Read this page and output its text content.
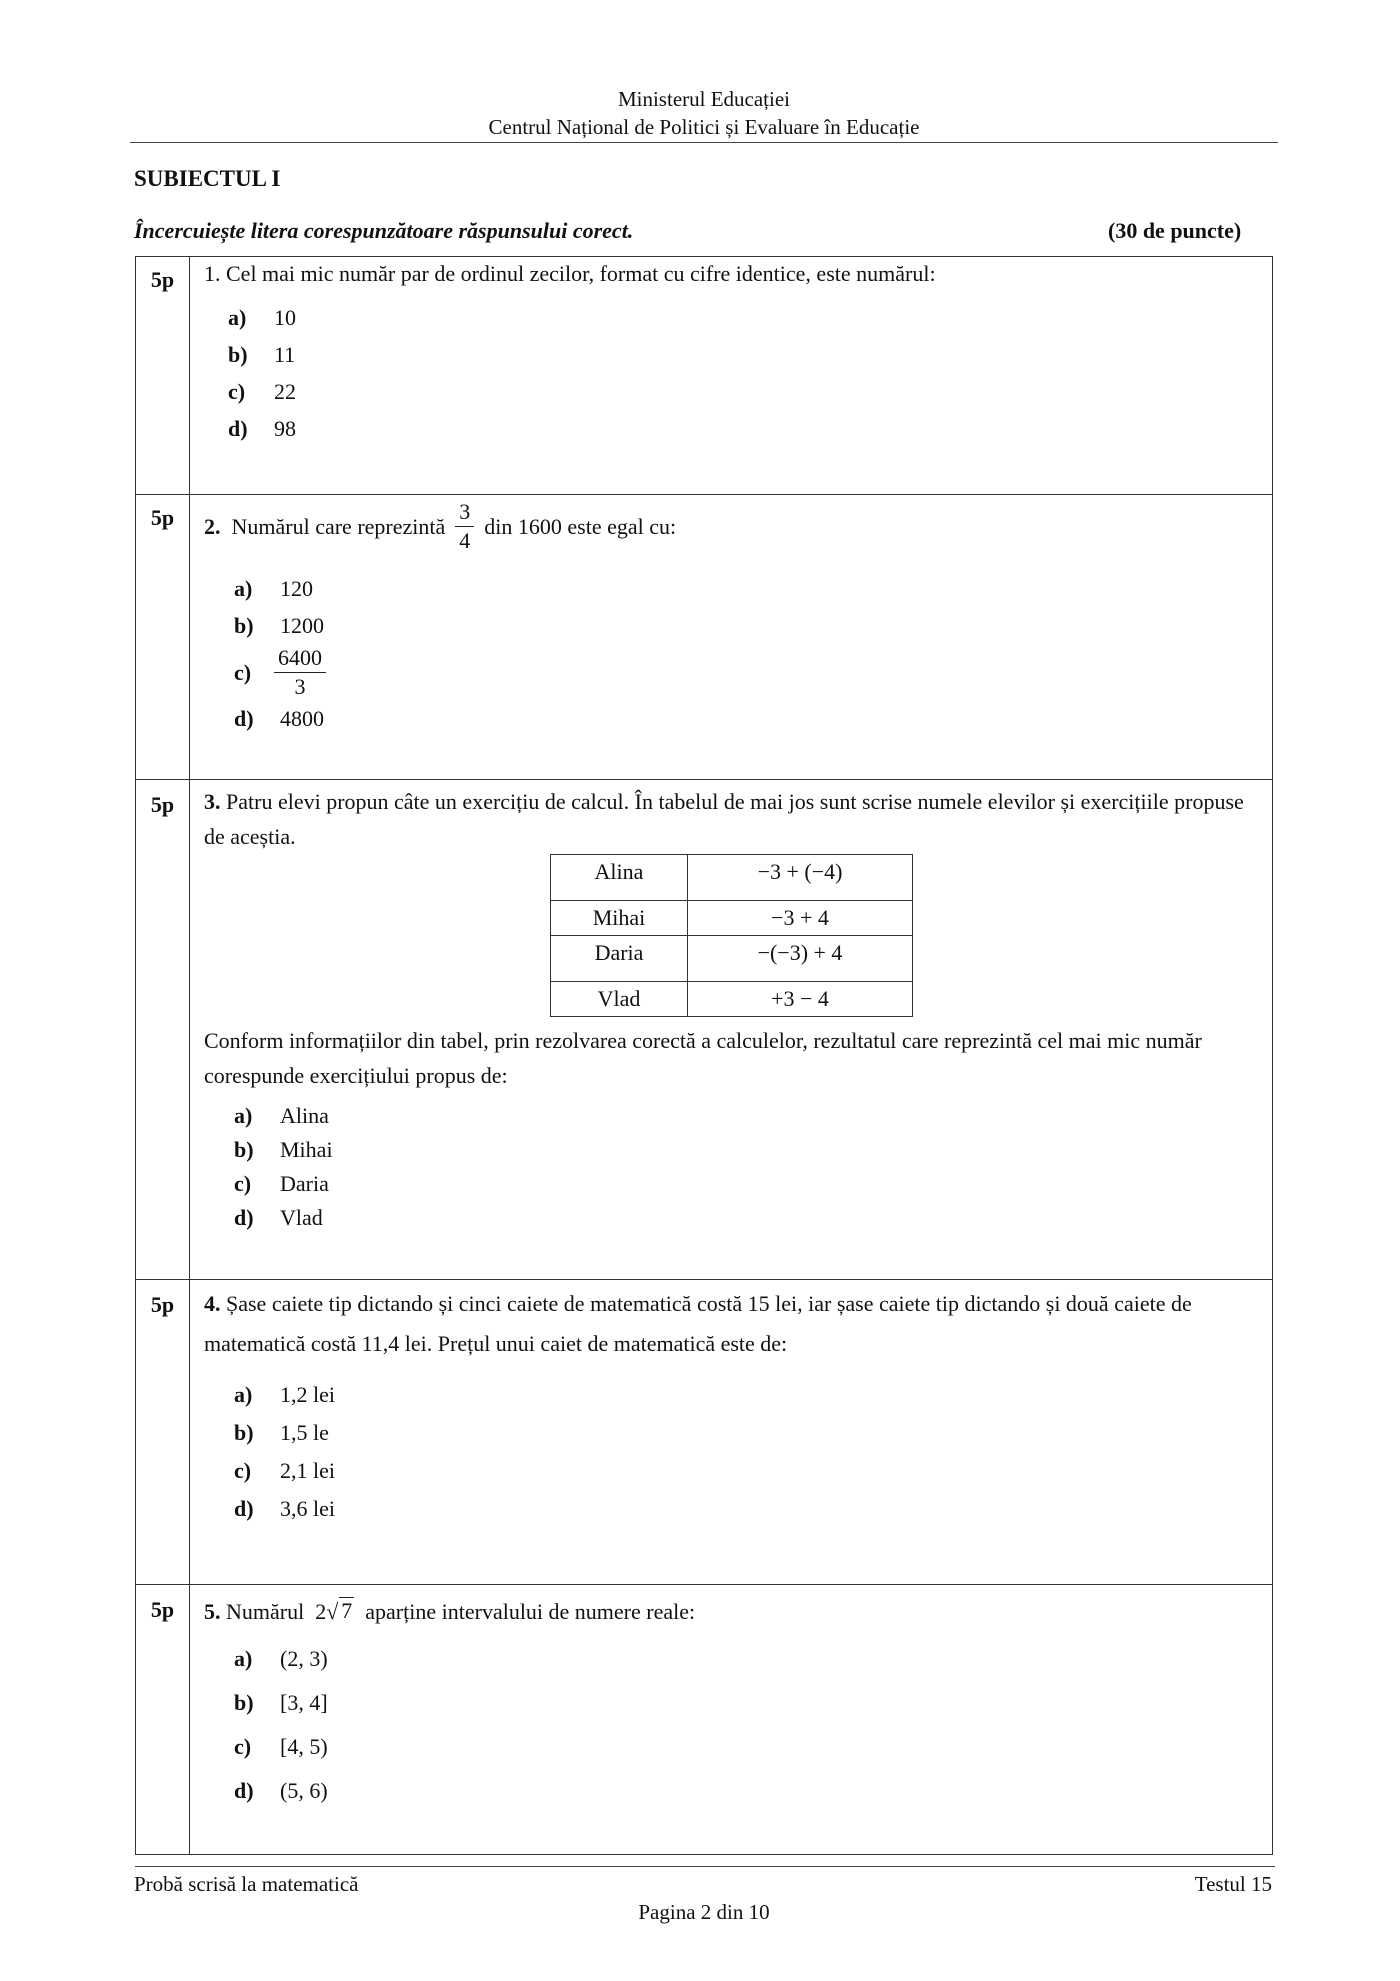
Ministerul Educației
Centrul Național de Politici și Evaluare în Educație
SUBIECTUL I
Încercuiește litera corespunzătoare răspunsului corect.	(30 de puncte)
5p	1. Cel mai mic număr par de ordinul zecilor, format cu cifre identice, este numărul:
a)	10
b)	11
c)	22
d)	98

5p	2.
Numărul care reprezintă $\frac{3}{4}$ din 1600 este egal cu:
a)	120
b)	1200
c)	$\frac{6400}{3}$
d)	4800

5p	3. Patru elevi propun câte un exercițiu de calcul. În tabelul de mai jos sunt scrise numele elevilor și exercițiile propuse de aceștia.
Alina	−3 + (−4)
Mihai	−3 + 4
Daria	−(−3) + 4
Vlad	+3 − 4
Conform informațiilor din tabel, prin rezolvarea corectă a calculelor, rezultatul care reprezintă cel mai mic număr corespunde exercițiului propus de:
a)	Alina
b)	Mihai
c)	Daria
d)	Vlad

5p	4. Șase caiete tip dictando și cinci caiete de matematică costă 15 lei, iar șase caiete tip dictando și două caiete de matematică costă 11,4 lei. Prețul unui caiet de matematică este de:
a)	1,2 lei
b)	1,5 le
c)	2,1 lei
d)	3,6 lei

5p	5.
Numărul
2 √ 7
aparține intervalului de numere reale:
a)	(2, 3)
b)	[3, 4]
c)	[4, 5)
d)	(5, 6)
Probă scrisă la matematică	Testul 15
Pagina 2 din 10
